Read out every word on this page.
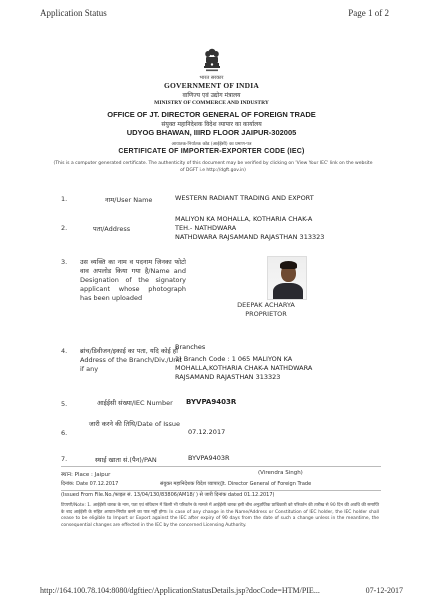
Application Status	Page 1 of 2
भारत सरकार
GOVERNMENT OF INDIA
वाणिज्य एवं उद्योग मंत्रालय
MINISTRY OF COMMERCE AND INDUSTRY
OFFICE OF JT. DIRECTOR GENERAL OF FOREIGN TRADE
संयुक्त महानिदेशक विदेश व्यापार का कार्यालय
UDYOG BHAWAN, IIIRD FLOOR JAIPUR-302005
आयातक-निर्यातक कोड (आईईसी) का प्रमाण-पत्र
CERTIFICATE OF IMPORTER-EXPORTER CODE (IEC)
(This is a computer generated certificate. The authenticity of this document may be verified by clicking on 'View Your IEC' link on the website of DGFT i.e http://dgft.gov.in)
1.	नाम/User Name	WESTERN RADIANT TRADING AND EXPORT
2.	पता/Address
MALIYON KA MOHALLA, KOTHARIA CHAK-A
TEH.- NATHDWARA
NATHDWARA RAJSAMAND RAJASTHAN 313323
3. उस व्यक्ति का नाम व पदनाम जिनका फोटो वाव अपलोड किया गया है/Name and Designation of the signatory applicant whose photograph has been uploaded
DEEPAK ACHARYA
PROPRIETOR
4. ब्रांच/डिवीजन/इकाई का पता, यदि कोई हो Address of the Branch/Div./Unit if any
Branches
1) Branch Code : 1 065 MALIYON KA
MOHALLA,KOTHARIA CHAK-A NATHDWARA
RAJSAMAND RAJASTHAN 313323
5.	आईईसी संख्या/IEC Number BYVPA9403R
6.
जारी करने की तिथि/Date of Issue
07.12.2017
7.	स्थाई खाता सं.(पैन)/PAN	BYVPA9403R
स्थान: Place : Jaipur	(Virendra Singh)
दिनांक: Date 07.12.2017	संयुक्त महानिदेशक विदेश व्यापार/Jt. Director General of Foreign Trade
(Issued From File.No./फाइल सं. 13/04/130/83806/AM18/ ) से जारी दिनांक dated 01.12.2017)
टिप्पणी/Note: 1. आईईसी धारक के नाम, पता एवं संविधान में किसी भी परिवर्तन के मामले में आईईसी धारक इसी बीच अनुज्ञप्तिक प्राधिकारी को परिवर्तन की तारीख से 90 दिन की अवधि की समाप्ति के बाद आईईसी के सहित आयात-निर्यात करने का पात्र नहीं होगा। In case of any change in the Name/Address or Constitution of IEC holder, the IEC holder shall cease to be eligible to Import or Export against the IEC after expiry of 90 days from the date of such a change unless in the meantime, the consequential changes are effected in the IEC by the concerned Licensing Authority.
http://164.100.78.104:8080/dgftiec/ApplicationStatusDetails.jsp?docCode=HTM/PIE...	07-12-2017
